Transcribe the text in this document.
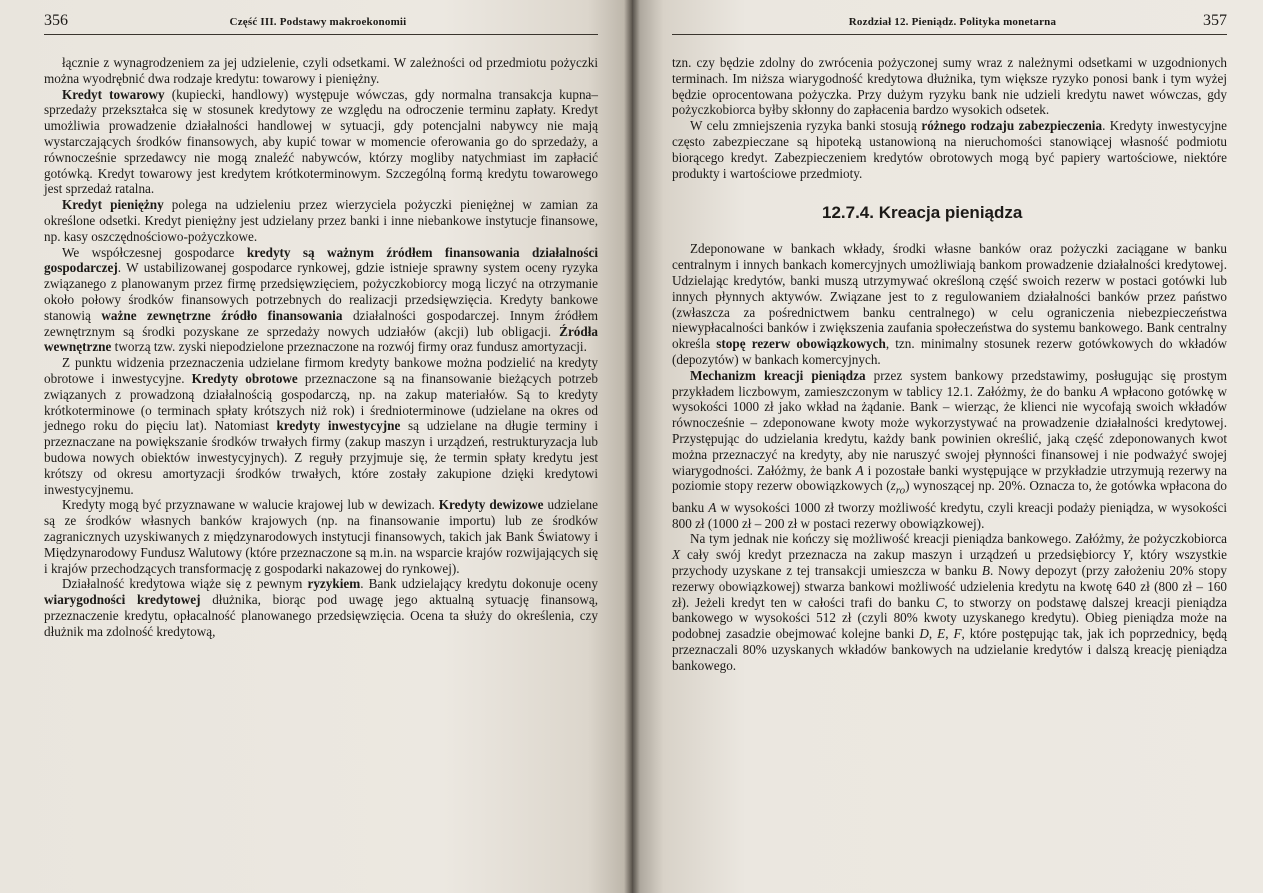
356	Część III. Podstawy makroekonomii

łącznie z wynagrodzeniem za jej udzielenie, czyli odsetkami. W zależności od przedmiotu pożyczki można wyodrębnić dwa rodzaje kredytu: towarowy i pieniężny.

Kredyt towarowy (kupiecki, handlowy) występuje wówczas, gdy normalna transakcja kupna–sprzedaży przekształca się w stosunek kredytowy ze względu na odroczenie terminu zapłaty. Kredyt umożliwia prowadzenie działalności handlowej w sytuacji, gdy potencjalni nabywcy nie mają wystarczających środków finansowych, aby kupić towar w momencie oferowania go do sprzedaży, a równocześnie sprzedawcy nie mogą znaleźć nabywców, którzy mogliby natychmiast im zapłacić gotówką. Kredyt towarowy jest kredytem krótkoterminowym. Szczególną formą kredytu towarowego jest sprzedaż ratalna.

Kredyt pieniężny polega na udzieleniu przez wierzyciela pożyczki pieniężnej w zamian za określone odsetki. Kredyt pieniężny jest udzielany przez banki i inne niebankowe instytucje finansowe, np. kasy oszczędnościowo-pożyczkowe.

We współczesnej gospodarce kredyty są ważnym źródłem finansowania działalności gospodarczej. W ustabilizowanej gospodarce rynkowej, gdzie istnieje sprawny system oceny ryzyka związanego z planowanym przez firmę przedsięwzięciem, pożyczkobiorcy mogą liczyć na otrzymanie około połowy środków finansowych potrzebnych do realizacji przedsięwzięcia. Kredyty bankowe stanowią ważne zewnętrzne źródło finansowania działalności gospodarczej. Innym źródłem zewnętrznym są środki pozyskane ze sprzedaży nowych udziałów (akcji) lub obligacji. Źródła wewnętrzne tworzą tzw. zyski niepodzielone przeznaczone na rozwój firmy oraz fundusz amortyzacji.

Z punktu widzenia przeznaczenia udzielane firmom kredyty bankowe można podzielić na kredyty obrotowe i inwestycyjne. Kredyty obrotowe przeznaczone są na finansowanie bieżących potrzeb związanych z prowadzoną działalnością gospodarczą, np. na zakup materiałów. Są to kredyty krótkoterminowe (o terminach spłaty krótszych niż rok) i średnioterminowe (udzielane na okres od jednego roku do pięciu lat). Natomiast kredyty inwestycyjne są udzielane na długie terminy i przeznaczane na powiększanie środków trwałych firmy (zakup maszyn i urządzeń, restrukturyzacja lub budowa nowych obiektów inwestycyjnych). Z reguły przyjmuje się, że termin spłaty kredytu jest krótszy od okresu amortyzacji środków trwałych, które zostały zakupione dzięki kredytowi inwestycyjnemu.

Kredyty mogą być przyznawane w walucie krajowej lub w dewizach. Kredyty dewizowe udzielane są ze środków własnych banków krajowych (np. na finansowanie importu) lub ze środków zagranicznych uzyskiwanych z międzynarodowych instytucji finansowych, takich jak Bank Światowy i Międzynarodowy Fundusz Walutowy (które przeznaczone są m.in. na wsparcie krajów rozwijających się i krajów przechodzących transformację z gospodarki nakazowej do rynkowej).

Działalność kredytowa wiąże się z pewnym ryzykiem. Bank udzielający kredytu dokonuje oceny wiarygodności kredytowej dłużnika, biorąc pod uwagę jego aktualną sytuację finansową, przeznaczenie kredytu, opłacalność planowanego przedsięwzięcia. Ocena ta służy do określenia, czy dłużnik ma zdolność kredytową,

Rozdział 12. Pieniądz. Polityka monetarna	357

tzn. czy będzie zdolny do zwrócenia pożyczonej sumy wraz z należnymi odsetkami w uzgodnionych terminach. Im niższa wiarygodność kredytowa dłużnika, tym większe ryzyko ponosi bank i tym wyżej będzie oprocentowana pożyczka. Przy dużym ryzyku bank nie udzieli kredytu nawet wówczas, gdy pożyczkobiorca byłby skłonny do zapłacenia bardzo wysokich odsetek.

W celu zmniejszenia ryzyka banki stosują różnego rodzaju zabezpieczenia. Kredyty inwestycyjne często zabezpieczane są hipoteką ustanowioną na nieruchomości stanowiącej własność podmiotu biorącego kredyt. Zabezpieczeniem kredytów obrotowych mogą być papiery wartościowe, niektóre produkty i wartościowe przedmioty.

12.7.4. Kreacja pieniądza

Zdeponowane w bankach wkłady, środki własne banków oraz pożyczki zaciągane w banku centralnym i innych bankach komercyjnych umożliwiają bankom prowadzenie działalności kredytowej. Udzielając kredytów, banki muszą utrzymywać określoną część swoich rezerw w postaci gotówki lub innych płynnych aktywów. Związane jest to z regulowaniem działalności banków przez państwo (zwłaszcza za pośrednictwem banku centralnego) w celu ograniczenia niebezpieczeństwa niewypłacalności banków i zwiększenia zaufania społeczeństwa do systemu bankowego. Bank centralny określa stopę rezerw obowiązkowych, tzn. minimalny stosunek rezerw gotówkowych do wkładów (depozytów) w bankach komercyjnych.

Mechanizm kreacji pieniądza przez system bankowy przedstawimy, posługując się prostym przykładem liczbowym, zamieszczonym w tablicy 12.1. Załóżmy, że do banku A wpłacono gotówkę w wysokości 1000 zł jako wkład na żądanie. Bank – wierząc, że klienci nie wycofają swoich wkładów równocześnie – zdeponowane kwoty może wykorzystywać na prowadzenie działalności kredytowej. Przystępując do udzielania kredytu, każdy bank powinien określić, jaką część zdeponowanych kwot można przeznaczyć na kredyty, aby nie naruszyć swojej płynności finansowej i nie podważyć swojej wiarygodności. Załóżmy, że bank A i pozostałe banki występujące w przykładzie utrzymują rezerwy na poziomie stopy rezerw obowiązkowych $(z_{ro})$ wynoszącej np. 20%. Oznacza to, że gotówka wpłacona do banku A w wysokości 1000 zł tworzy możliwość kredytu, czyli kreacji podaży pieniądza, w wysokości 800 zł (1000 zł – 200 zł w postaci rezerwy obowiązkowej).

Na tym jednak nie kończy się możliwość kreacji pieniądza bankowego. Załóżmy, że pożyczkobiorca X cały swój kredyt przeznacza na zakup maszyn i urządzeń u przedsiębiorcy Y, który wszystkie przychody uzyskane z tej transakcji umieszcza w banku B. Nowy depozyt (przy założeniu 20% stopy rezerwy obowiązkowej) stwarza bankowi możliwość udzielenia kredytu na kwotę 640 zł (800 zł – 160 zł). Jeżeli kredyt ten w całości trafi do banku C, to stworzy on podstawę dalszej kreacji pieniądza bankowego w wysokości 512 zł (czyli 80% kwoty uzyskanego kredytu). Obieg pieniądza może na podobnej zasadzie obejmować kolejne banki D, E, F, które postępując tak, jak ich poprzednicy, będą przeznaczali 80% uzyskanych wkładów bankowych na udzielanie kredytów i dalszą kreację pieniądza bankowego.
